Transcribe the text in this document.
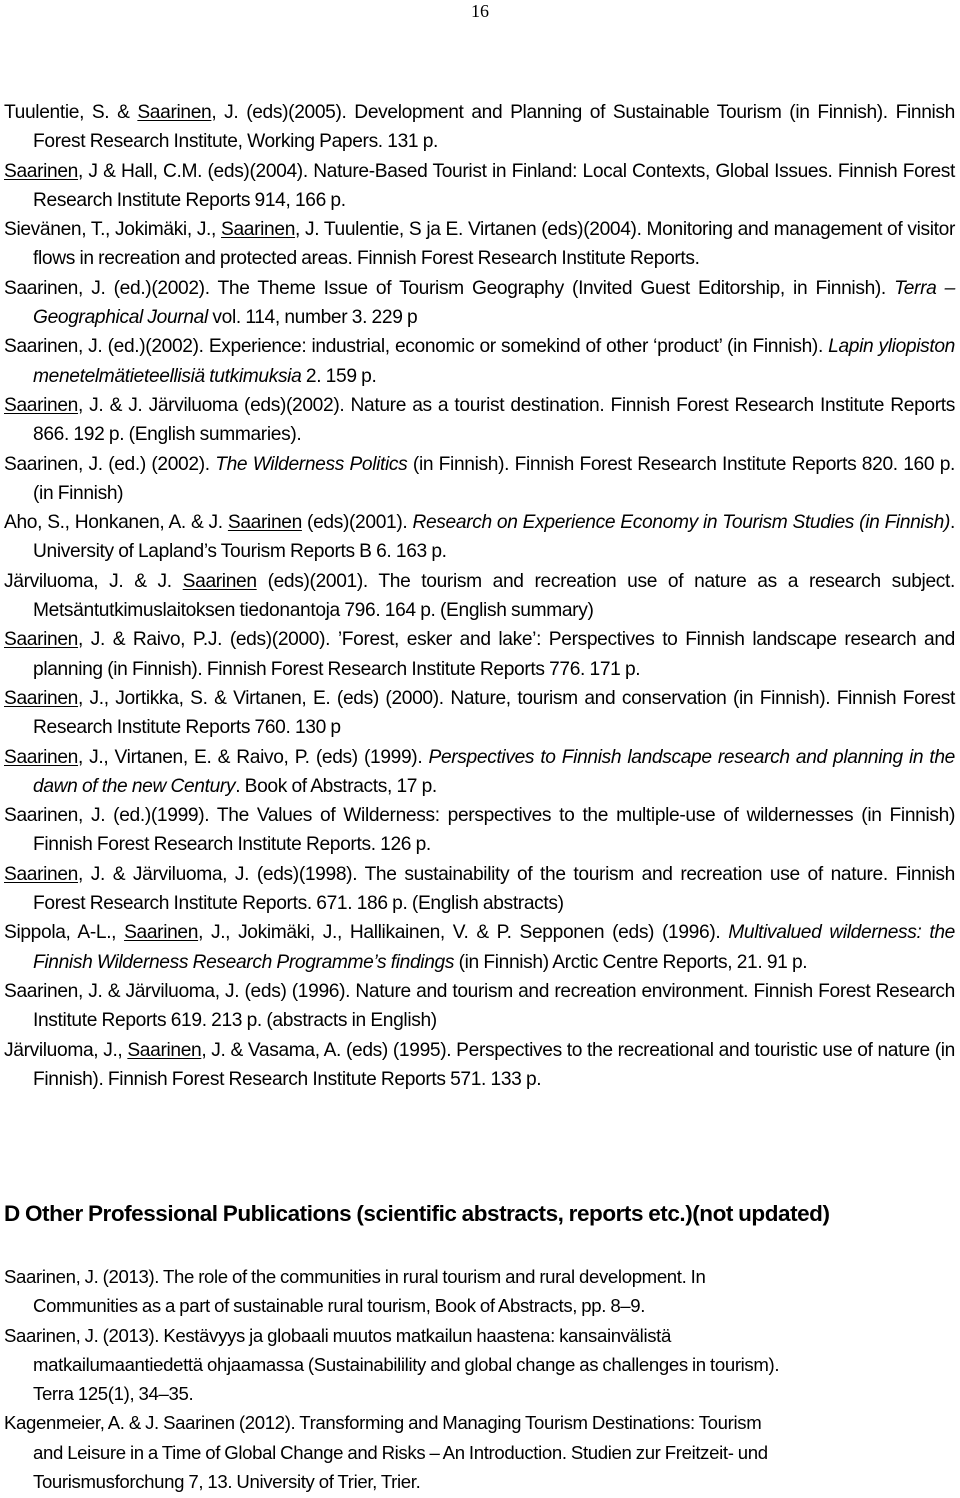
16

Tuulentie, S. & Saarinen, J. (eds)(2005). Development and Planning of Sustainable Tourism (in Finnish). Finnish Forest Research Institute, Working Papers. 131 p.

Saarinen, J & Hall, C.M. (eds)(2004). Nature-Based Tourist in Finland: Local Contexts, Global Issues. Finnish Forest Research Institute Reports 914, 166 p.

Sievänen, T., Jokimäki, J., Saarinen, J. Tuulentie, S ja E. Virtanen (eds)(2004). Monitoring and management of visitor flows in recreation and protected areas. Finnish Forest Research Institute Reports.

Saarinen, J. (ed.)(2002). The Theme Issue of Tourism Geography (Invited Guest Editorship, in Finnish). Terra – Geographical Journal vol. 114, number 3. 229 p

Saarinen, J. (ed.)(2002). Experience: industrial, economic or somekind of other ‘product’ (in Finnish). Lapin yliopiston menetelmätieteellisiä tutkimuksia 2. 159 p.

Saarinen, J. & J. Järviluoma (eds)(2002). Nature as a tourist destination. Finnish Forest Research Institute Reports 866. 192 p. (English summaries).

Saarinen, J. (ed.) (2002). The Wilderness Politics (in Finnish). Finnish Forest Research Institute Reports 820. 160 p. (in Finnish)

Aho, S., Honkanen, A. & J. Saarinen (eds)(2001). Research on Experience Economy in Tourism Studies (in Finnish). University of Lapland’s Tourism Reports B 6. 163 p.

Järviluoma, J. & J. Saarinen (eds)(2001). The tourism and recreation use of nature as a research subject. Metsäntutkimuslaitoksen tiedonantoja 796. 164 p. (English summary)

Saarinen, J. & Raivo, P.J. (eds)(2000). ’Forest, esker and lake’: Perspectives to Finnish landscape research and planning (in Finnish). Finnish Forest Research Institute Reports 776. 171 p.

Saarinen, J., Jortikka, S. & Virtanen, E. (eds) (2000). Nature, tourism and conservation (in Finnish). Finnish Forest Research Institute Reports 760. 130 p

Saarinen, J., Virtanen, E. & Raivo, P. (eds) (1999). Perspectives to Finnish landscape research and planning in the dawn of the new Century. Book of Abstracts, 17 p.

Saarinen, J. (ed.)(1999). The Values of Wilderness: perspectives to the multiple-use of wildernesses (in Finnish) Finnish Forest Research Institute Reports. 126 p.

Saarinen, J. & Järviluoma, J. (eds)(1998). The sustainability of the tourism and recreation use of nature. Finnish Forest Research Institute Reports. 671. 186 p. (English abstracts)

Sippola, A-L., Saarinen, J., Jokimäki, J., Hallikainen, V. & P. Sepponen (eds) (1996). Multivalued wilderness: the Finnish Wilderness Research Programme’s findings (in Finnish) Arctic Centre Reports, 21. 91 p.

Saarinen, J. & Järviluoma, J. (eds) (1996). Nature and tourism and recreation environment. Finnish Forest Research Institute Reports 619. 213 p. (abstracts in English)

Järviluoma, J., Saarinen, J. & Vasama, A. (eds) (1995). Perspectives to the recreational and touristic use of nature (in Finnish). Finnish Forest Research Institute Reports 571. 133 p.

D Other Professional Publications (scientific abstracts, reports etc.)(not updated)

Saarinen, J. (2013). The role of the communities in rural tourism and rural development. In
Communities as a part of sustainable rural tourism, Book of Abstracts, pp. 8–9.

Saarinen, J. (2013). Kestävyys ja globaali muutos matkailun haastena: kansainvälistä
matkailumaantiedettä ohjaamassa (Sustainabilility and global change as challenges in tourism).
Terra 125(1), 34–35.

Kagenmeier, A. & J. Saarinen (2012). Transforming and Managing Tourism Destinations: Tourism
and Leisure in a Time of Global Change and Risks – An Introduction. Studien zur Freitzeit- und
Tourismusforchung 7, 13. University of Trier, Trier.
